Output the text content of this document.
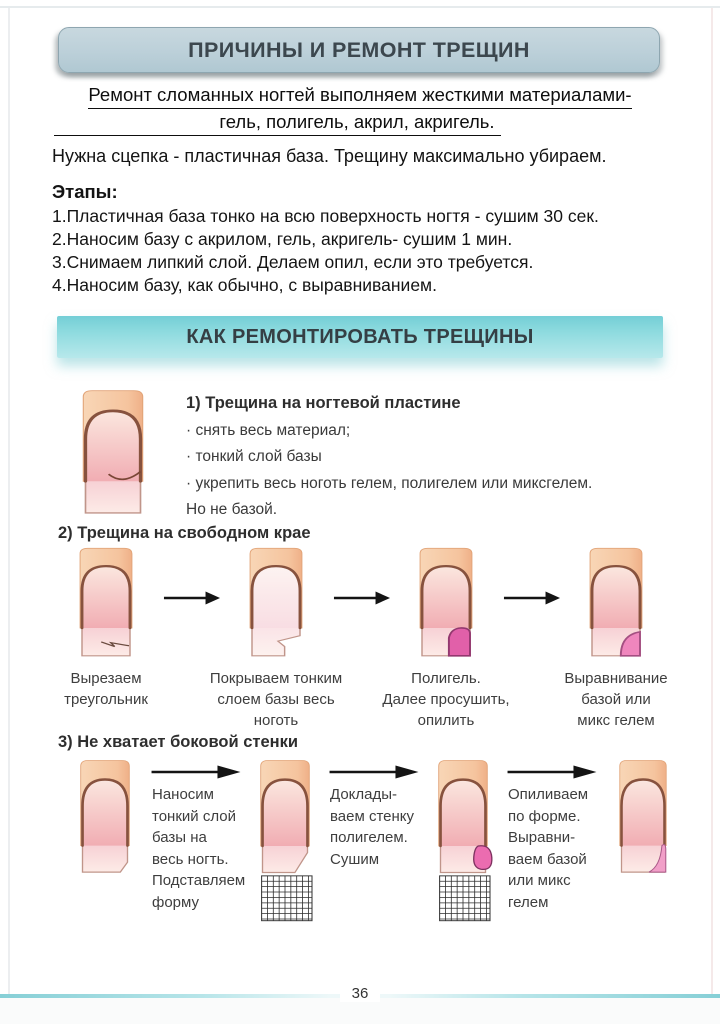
ПРИЧИНЫ И РЕМОНТ ТРЕЩИН
Ремонт сломанных ногтей выполняем жесткими материалами-
гель, полигель, акрил, акригель.
Нужна сцепка - пластичная база. Трещину максимально убираем.
Этапы:
1.Пластичная база тонко на всю поверхность ногтя - сушим 30 сек.
2.Наносим базу с акрилом, гель, акригель- сушим 1 мин.
3.Снимаем липкий слой. Делаем опил, если это требуется.
4.Наносим базу, как обычно, с выравниванием.
КАК РЕМОНТИРОВАТЬ ТРЕЩИНЫ
1) Трещина на ногтевой пластине
· снять весь материал;
· тонкий слой базы
· укрепить весь ноготь гелем, полигелем или миксгелем.
Но не базой.
2) Трещина на свободном крае
Вырезаем
треугольник
Покрываем тонким
слоем базы весь
ноготь
Полигель.
Далее просушить,
опилить
Выравнивание
базой или
микс гелем
3) Не хватает боковой стенки
Наносим
тонкий слой
базы на
весь ногть.
Подставляем
форму
Доклады-
ваем стенку
полигелем.
Сушим
Опиливаем
по форме.
Выравни-
ваем базой
или микс
гелем
36
